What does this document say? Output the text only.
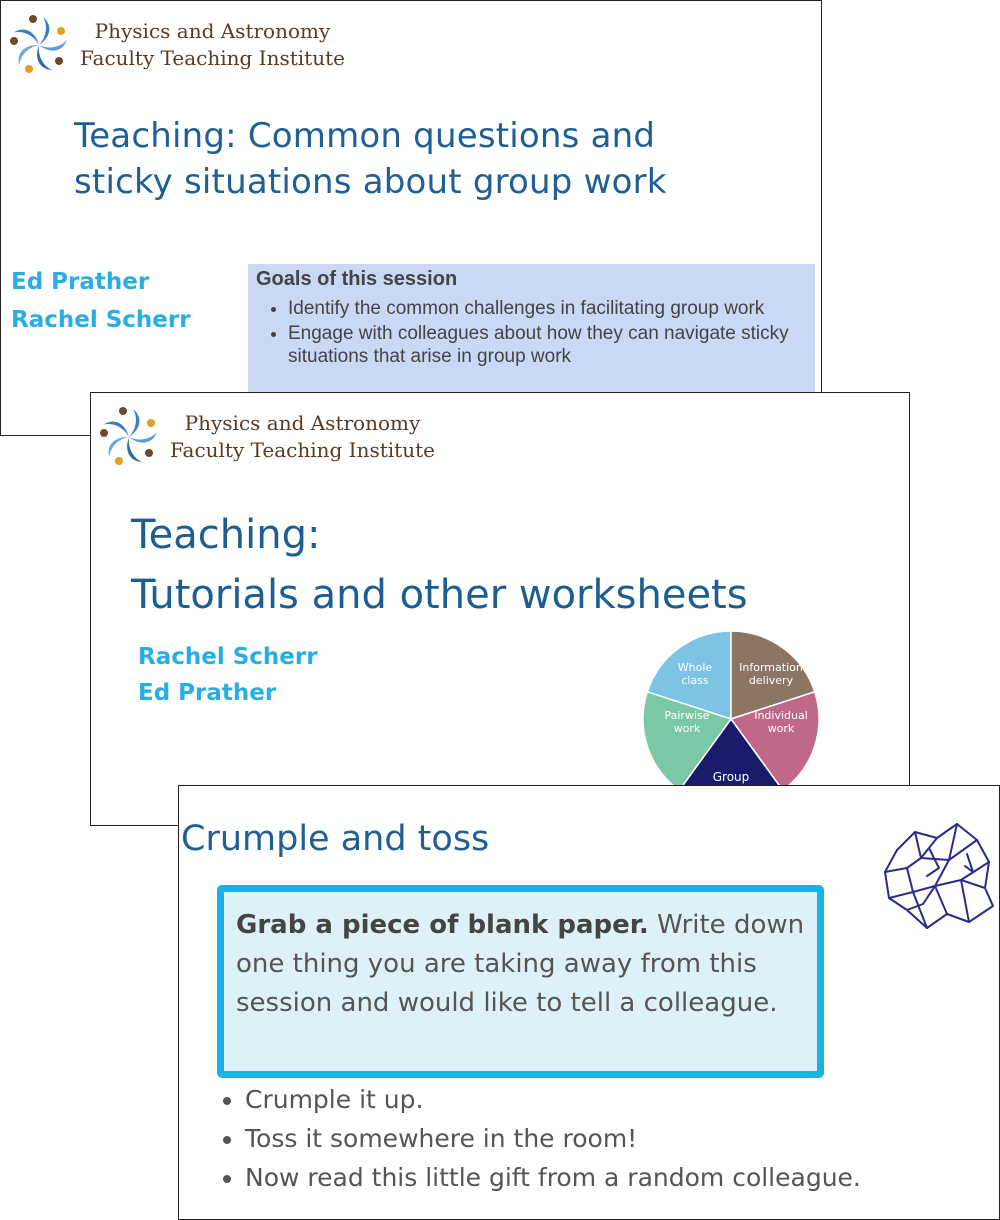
Physics and Astronomy
Faculty Teaching Institute
Teaching: Common questions and
sticky situations about group work
Ed Prather
Rachel Scherr
Goals of this session
• Identify the common challenges in facilitating group work
• Engage with colleagues about how they can navigate sticky situations that arise in group work
Physics and Astronomy
Faculty Teaching Institute
Teaching:
Tutorials and other worksheets
Rachel Scherr
Ed Prather
Whole
class
Information
delivery
Individual
work
Group
Pairwise
work
Crumple and toss
Grab a piece of blank paper. Write down one thing you are taking away from this session and would like to tell a colleague.
• Crumple it up.
• Toss it somewhere in the room!
• Now read this little gift from a random colleague.
